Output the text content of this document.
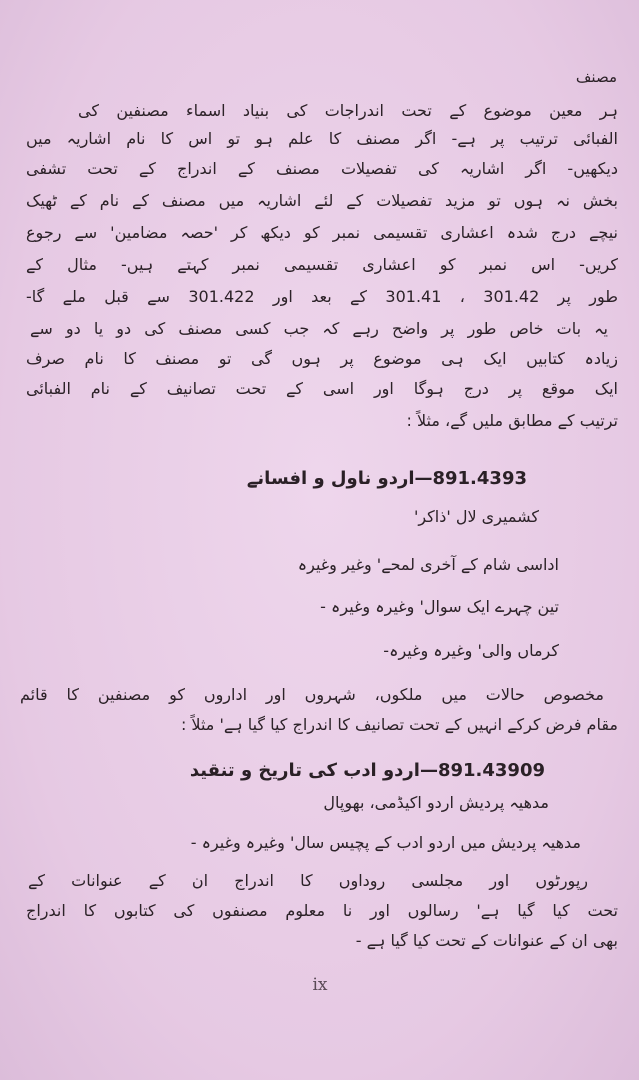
مصنف
ہر معین موضوع کے تحت اندراجات کی بنیاد اسماء مصنفین کی
الفبائی ترتیب پر ہے- اگر مصنف کا علم ہو تو اس کا نام اشاریہ میں
دیکھیں- اگر اشاریہ کی تفصیلات مصنف کے اندراج کے تحت تشفی
بخش نہ ہوں تو مزید تفصیلات کے لئے اشاریہ میں مصنف کے نام کے ٹھیک
نیچے درج شدہ اعشاری تقسیمی نمبر کو دیکھ کر 'حصہ مضامین' سے رجوع
کریں- اس نمبر کو اعشاری تقسیمی نمبر کہتے ہیں- مثال کے
طور پر 301.42 ، 301.41 کے بعد اور 301.422 سے قبل ملے گا-
یہ بات خاص طور پر واضح رہے کہ جب کسی مصنف کی دو یا دو سے
زیادہ کتابیں ایک ہی موضوع پر ہوں گی تو مصنف کا نام صرف
ایک موقع پر درج ہوگا اور اسی کے تحت تصانیف کے نام الفبائی
ترتیب کے مطابق ملیں گے، مثلاً :
891.4393—اردو ناول و افسانے
کشمیری لال 'ذاکر'
اداسی شام کے آخری لمحے' وغیر وغیرہ
تین چہرے ایک سوال' وغیرہ وغیرہ -
کرماں والی' وغیرہ وغیرہ-
مخصوص حالات میں ملکوں، شہروں اور اداروں کو مصنفین کا قائم
مقام فرض کرکے انہیں کے تحت تصانیف کا اندراج کیا گیا ہے' مثلاً :
891.43909—اردو ادب کی تاریخ و تنقید
مدھیہ پردیش اردو اکیڈمی، بھوپال
مدھیہ پردیش میں اردو ادب کے پچیس سال' وغیرہ وغیرہ -
رپورٹوں اور مجلسی روداوں کا اندراج ان کے عنوانات کے
تحت کیا گیا ہے' رسالوں اور نا معلوم مصنفوں کی کتابوں کا اندراج
بھی ان کے عنوانات کے تحت کیا گیا ہے -
ix
